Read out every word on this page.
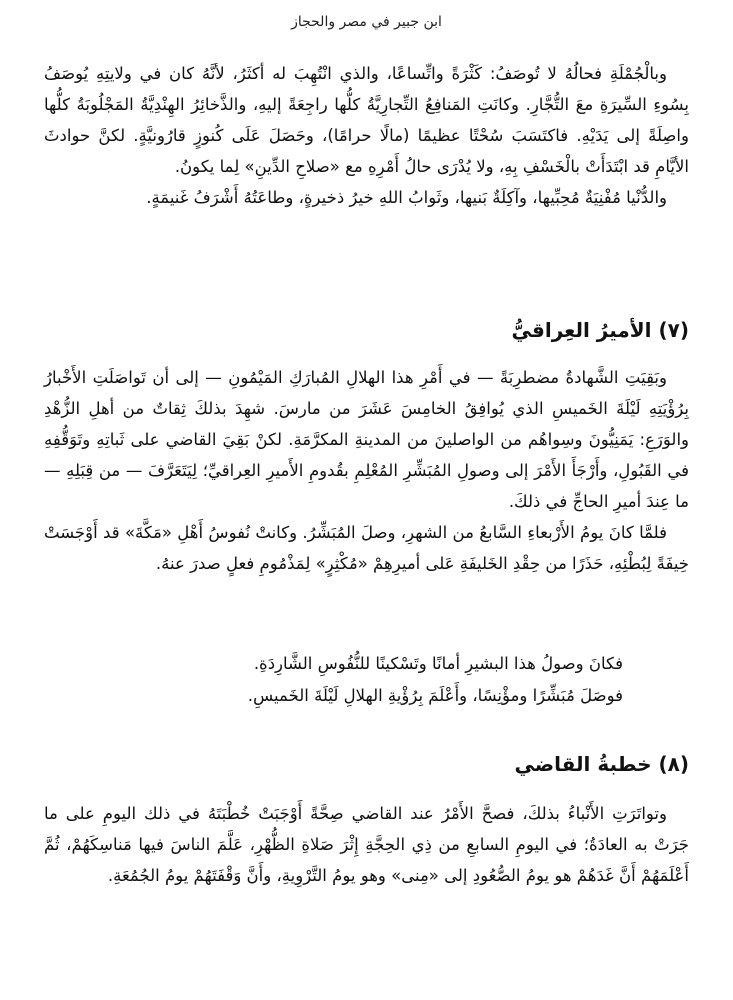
ابن جبير في مصر والحجاز

وبالْجُمْلَةِ فحالُهُ لا تُوصَفُ: كَثْرَةً واتِّساعًا، والذي انْتُهِبَ له أكثَرُ، لأنَّهُ كان في ولايتِهِ يُوصَفُ بِسُوءِ السِّيرَةِ معَ التُّجَّارِ. وكانَتِ المَنافِعُ التِّجارِيَّةُ كلُّها راجِعَةً إليهِ، والذَّخائِرُ الهِنْدِيَّةُ المَجْلُوبَةُ كلُّها واصِلَةً إلى يَدَيْهِ. فاكتَسَبَ سُحْتًا عظيمًا (مالًا حرامًا)، وحَصَلَ عَلَى كُنوزٍ قارُونيَّةٍ. لكنَّ حوادثَ الأيَّامِ قد ابْتَدَأَتْ بالْخَسْفِ بِهِ، ولا يُدْرَى حالُ أَمْرِهِ مع «صلاحِ الدِّينِ» لِما يكونُ.

والدُّنْيا مُفْنِيَةٌ مُحِبِّيها، وآكِلَةٌ بَنيها، وثَوابُ اللهِ خيرُ ذخيرةٍ، وطاعَتُهُ أَشْرَفُ غَنيمَةٍ.

(٧) الأميرُ العِراقيُّ

وبَقِيَتِ الشَّهادةُ مضطرِبَةً — في أَمْرِ هذا الهلالِ المُبارَكِ المَيْمُونِ — إلى أن تَواصَلَتِ الأَخْبارُ بِرُؤْيَتِهِ لَيْلَةَ الخَميسِ الذي يُوافِقُ الخامِسَ عَشَرَ من مارسَ. شهِدَ بذلكَ ثِقاتٌ من أهلِ الزُّهْدِ والوَرَعِ: يَمَنِيُّونَ وسِواهُم من الواصلينَ من المدينةِ المكرَّمَةِ. لكنْ بَقِيَ القاضي على ثَباتِهِ وتَوَقُّفِهِ في القَبُولِ، وأَرْجَأَ الأَمْرَ إلى وصولِ المُبَشِّرِ المُعْلِمِ بقُدومِ الأَميرِ العِراقيِّ؛ لِيَتَعَرَّفَ — من قِبَلِهِ — ما عِندَ أميرِ الحاجِّ في ذلكَ.

فلمَّا كانَ يومُ الأَرْبعاءِ السَّابعُ من الشهرِ، وصلَ المُبَشِّرُ. وكانتْ نُفوسُ أَهْلِ «مَكَّةَ» قد أَوْجَسَتْ خِيفَةً لِبُطْئِهِ، حَذَرًا من حِقْدِ الخَليفَةِ عَلى أميرِهِمْ «مُكْثِرٍ» لِمَذْمُومِ فعلٍ صدرَ عنهُ.

فكانَ وصولُ هذا البشيرِ أمانًا وتَسْكينًا للنُّفُوسِ الشَّارِدَةِ.
فوصَلَ مُبَشِّرًا ومؤْنِسًا، وأَعْلَمَ بِرُؤْيةِ الهلالِ لَيْلَةَ الخَميسِ.
(٨) خطبةُ القاضي

وتواتَرَتِ الأَنْباءُ بذلكَ، فصحَّ الأَمْرُ عند القاضي صِحَّةً أَوْجَبَتْ خُطْبَتَهُ في ذلك اليومِ على ما جَرَتْ به العادَةُ؛ في اليومِ السابعِ من ذِي الحِجَّةِ إِثْرَ صَلاةِ الظُّهْرِ، عَلَّمَ الناسَ فيها مَناسِكَهُمْ، ثُمَّ أَعْلَمَهُمْ أَنَّ غَدَهُمْ هو يومُ الصُّعُودِ إلى «مِنى» وهو يومُ التَّرْوِيةِ، وأَنَّ وَقْفَتَهُمْ يومُ الجُمُعَةِ.
